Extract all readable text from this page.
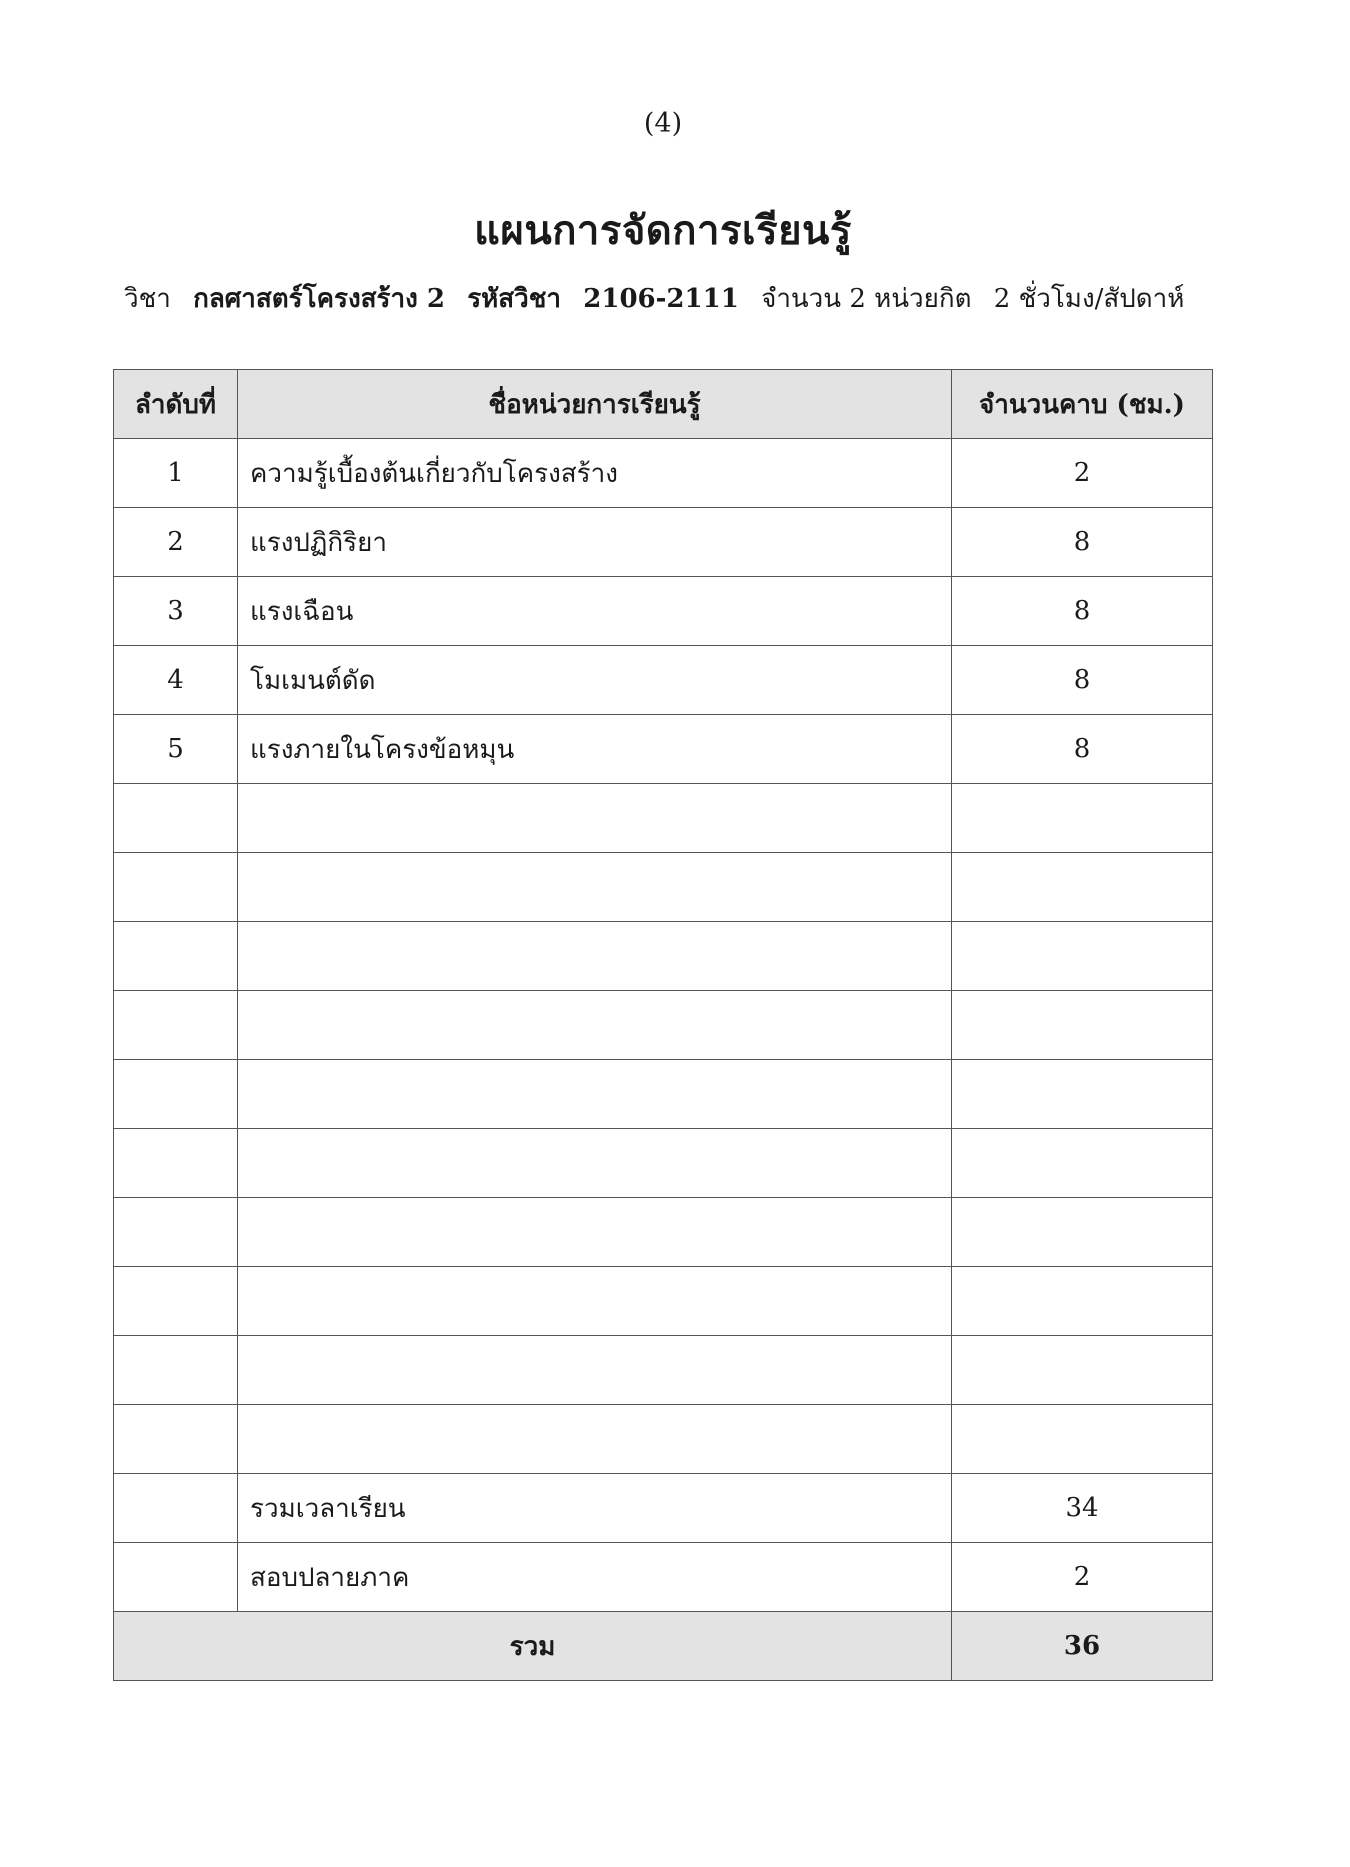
(4)
แผนการจัดการเรียนรู้
วิชา กลศาสตร์โครงสร้าง 2 รหัสวิชา 2106-2111 จำนวน 2 หน่วยกิต 2 ชั่วโมง/สัปดาห์
ลำดับที่	ชื่อหน่วยการเรียนรู้	จำนวนคาบ (ชม.)
1	ความรู้เบื้องต้นเกี่ยวกับโครงสร้าง	2
2	แรงปฏิกิริยา	8
3	แรงเฉือน	8
4	โมเมนต์ดัด	8
5	แรงภายในโครงข้อหมุน	8

	รวมเวลาเรียน	34
	สอบปลายภาค	2
รวม		36
